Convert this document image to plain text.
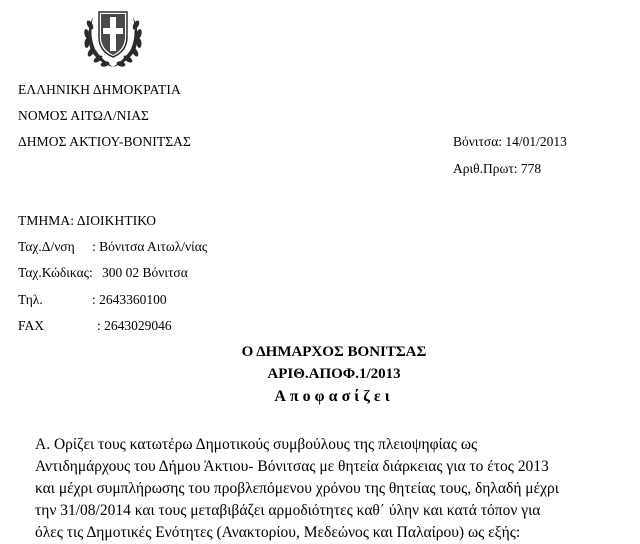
ΕΛΛΗΝΙΚΗ ΔΗΜΟΚΡΑΤΙΑ
ΝΟΜΟΣ ΑΙΤΩΛ/ΝΙΑΣ
ΔΗΜΟΣ ΑΚΤΙΟΥ-ΒΟΝΙΤΣΑΣ	Βόνιτσα: 14/01/2013
Αριθ.Πρωτ: 778
ΤΜΗΜΑ: ΔΙΟΙΚΗΤΙΚΟ
Ταχ.Δ/νση : Βόνιτσα Αιτωλ/νίας
Ταχ.Κώδικας: 300 02 Βόνιτσα
Τηλ.	: 2643360100
FAX	: 2643029046
Ο ΔΗΜΑΡΧΟΣ ΒΟΝΙΤΣΑΣ
ΑΡΙΘ.ΑΠΟΦ.1/2013
Αποφασίζει
Α. Ορίζει τους κατωτέρω Δημοτικούς συμβούλους της πλειοψηφίας ως
Αντιδημάρχους του Δήμου Άκτιου- Βόνιτσας με θητεία διάρκειας για το έτος 2013
και μέχρι συμπλήρωσης του προβλεπόμενου χρόνου της θητείας τους, δηλαδή μέχρι
την 31/08/2014 και τους μεταβιβάζει αρμοδιότητες καθ΄ ύλην και κατά τόπον για
όλες τις Δημοτικές Ενότητες (Ανακτορίου, Μεδεώνος και Παλαίρου) ως εξής:
